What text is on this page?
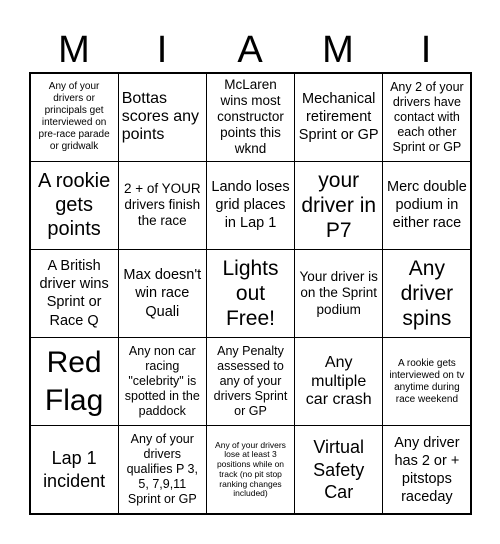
M	I	A	M	I
Any of your drivers or principals get interviewed on pre-race parade or gridwalk
Bottas scores any points
McLaren wins most constructor points this wknd
Mechanical retirement Sprint or GP
Any 2 of your drivers have contact with each other Sprint or GP
A rookie gets points
2 + of YOUR drivers finish the race
Lando loses grid places in Lap 1
your driver in P7
Merc double podium in either race
A British driver wins Sprint or Race Q
Max doesn't win race Quali
Lights out Free!
Your driver is on the Sprint podium
Any driver spins
Red Flag
Any non car racing "celebrity" is spotted in the paddock
Any Penalty assessed to any of your drivers Sprint or GP
Any multiple car crash
A rookie gets interviewed on tv anytime during race weekend
Lap 1 incident
Any of your drivers qualifies P 3, 5, 7,9,11 Sprint or GP
Any of your drivers lose at least 3 positions while on track (no pit stop ranking changes included)
Virtual Safety Car
Any driver has 2 or + pitstops raceday
